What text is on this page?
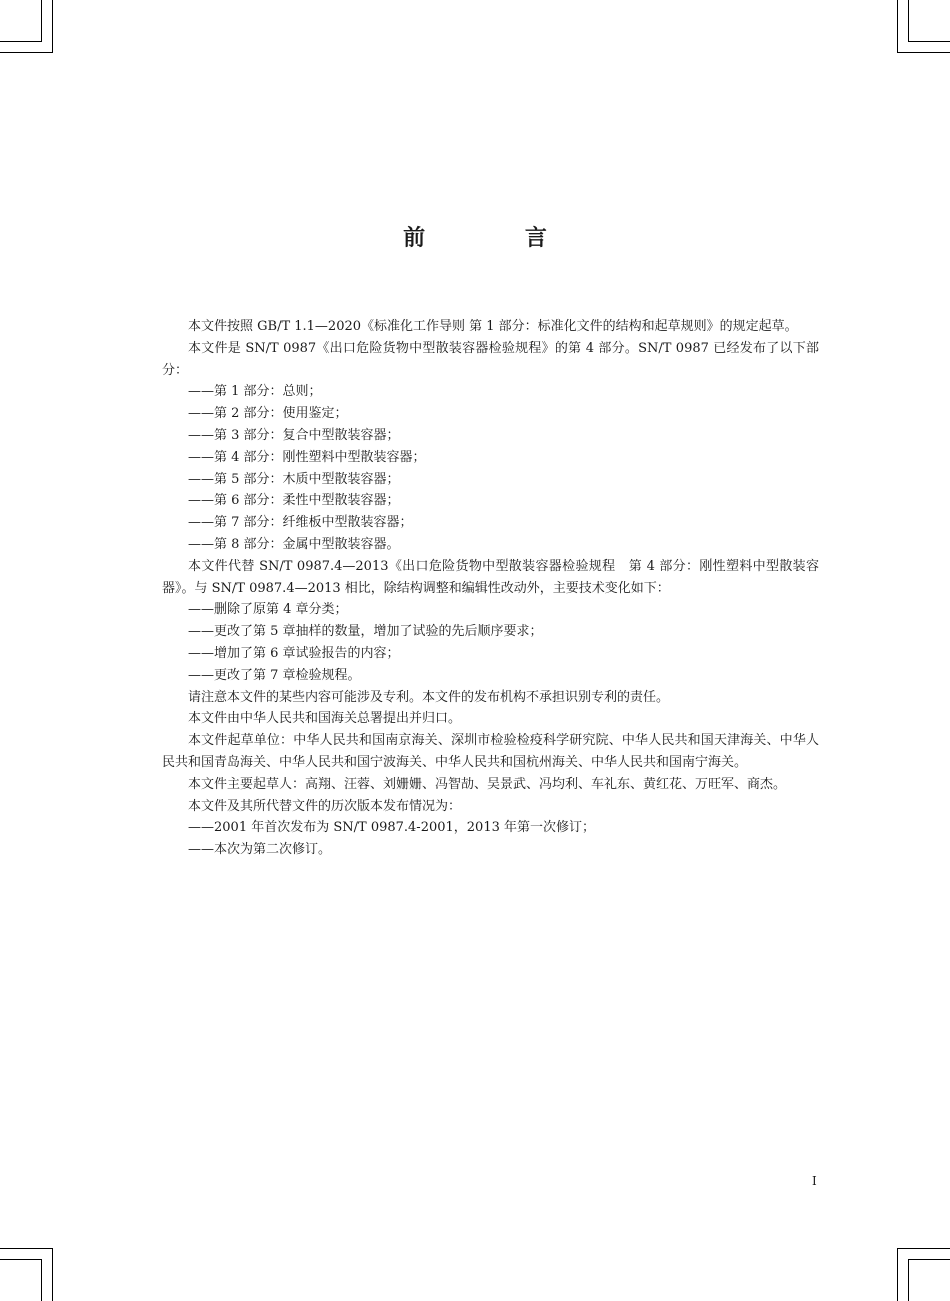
前 言

本文件按照 GB/T 1.1—2020《标准化工作导则 第 1 部分：标准化文件的结构和起草规则》的规定起草。

本文件是 SN/T 0987《出口危险货物中型散装容器检验规程》的第 4 部分。SN/T 0987 已经发布了以下部分：

——第 1 部分：总则；

——第 2 部分：使用鉴定；

——第 3 部分：复合中型散装容器；

——第 4 部分：刚性塑料中型散装容器；

——第 5 部分：木质中型散装容器；

——第 6 部分：柔性中型散装容器；

——第 7 部分：纤维板中型散装容器；

——第 8 部分：金属中型散装容器。

本文件代替 SN/T 0987.4—2013《出口危险货物中型散装容器检验规程　第 4 部分：刚性塑料中型散装容器》。与 SN/T 0987.4—2013 相比，除结构调整和编辑性改动外，主要技术变化如下：

——删除了原第 4 章分类；

——更改了第 5 章抽样的数量，增加了试验的先后顺序要求；

——增加了第 6 章试验报告的内容；

——更改了第 7 章检验规程。

请注意本文件的某些内容可能涉及专利。本文件的发布机构不承担识别专利的责任。

本文件由中华人民共和国海关总署提出并归口。

本文件起草单位：中华人民共和国南京海关、深圳市检验检疫科学研究院、中华人民共和国天津海关、中华人民共和国青岛海关、中华人民共和国宁波海关、中华人民共和国杭州海关、中华人民共和国南宁海关。

本文件主要起草人：高翔、汪蓉、刘姗姗、冯智劼、吴景武、冯均利、车礼东、黄红花、万旺军、商杰。

本文件及其所代替文件的历次版本发布情况为：

——2001 年首次发布为 SN/T 0987.4-2001，2013 年第一次修订；

——本次为第二次修订。

I
